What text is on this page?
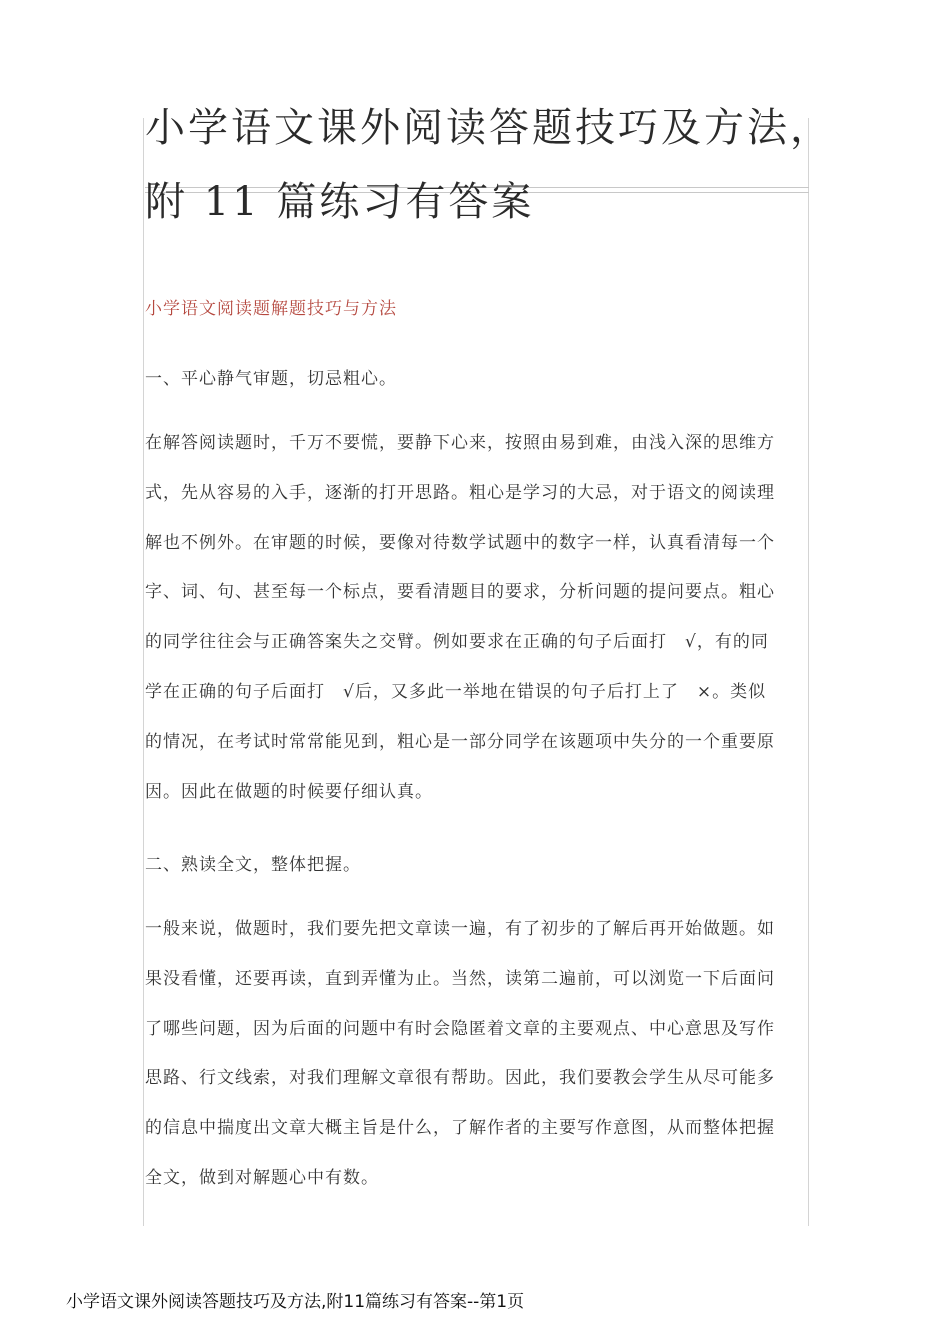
小学语文课外阅读答题技巧及方法，
附 11 篇练习有答案
小学语文阅读题解题技巧与方法
一、平心静气审题，切忌粗心。
在解答阅读题时，千万不要慌，要静下心来，按照由易到难，由浅入深的思维方
式，先从容易的入手，逐渐的打开思路。粗心是学习的大忌，对于语文的阅读理
解也不例外。在审题的时候，要像对待数学试题中的数字一样，认真看清每一个
字、词、句、甚至每一个标点，要看清题目的要求，分析问题的提问要点。粗心
的同学往往会与正确答案失之交臂。例如要求在正确的句子后面打　√，有的同
学在正确的句子后面打　√后，又多此一举地在错误的句子后打上了　×。类似
的情况，在考试时常常能见到，粗心是一部分同学在该题项中失分的一个重要原
因。因此在做题的时候要仔细认真。
二、熟读全文，整体把握。
一般来说，做题时，我们要先把文章读一遍，有了初步的了解后再开始做题。如
果没看懂，还要再读，直到弄懂为止。当然，读第二遍前，可以浏览一下后面问
了哪些问题，因为后面的问题中有时会隐匿着文章的主要观点、中心意思及写作
思路、行文线索，对我们理解文章很有帮助。因此，我们要教会学生从尽可能多
的信息中揣度出文章大概主旨是什么，了解作者的主要写作意图，从而整体把握
全文，做到对解题心中有数。
小学语文课外阅读答题技巧及方法,附11篇练习有答案--第1页
